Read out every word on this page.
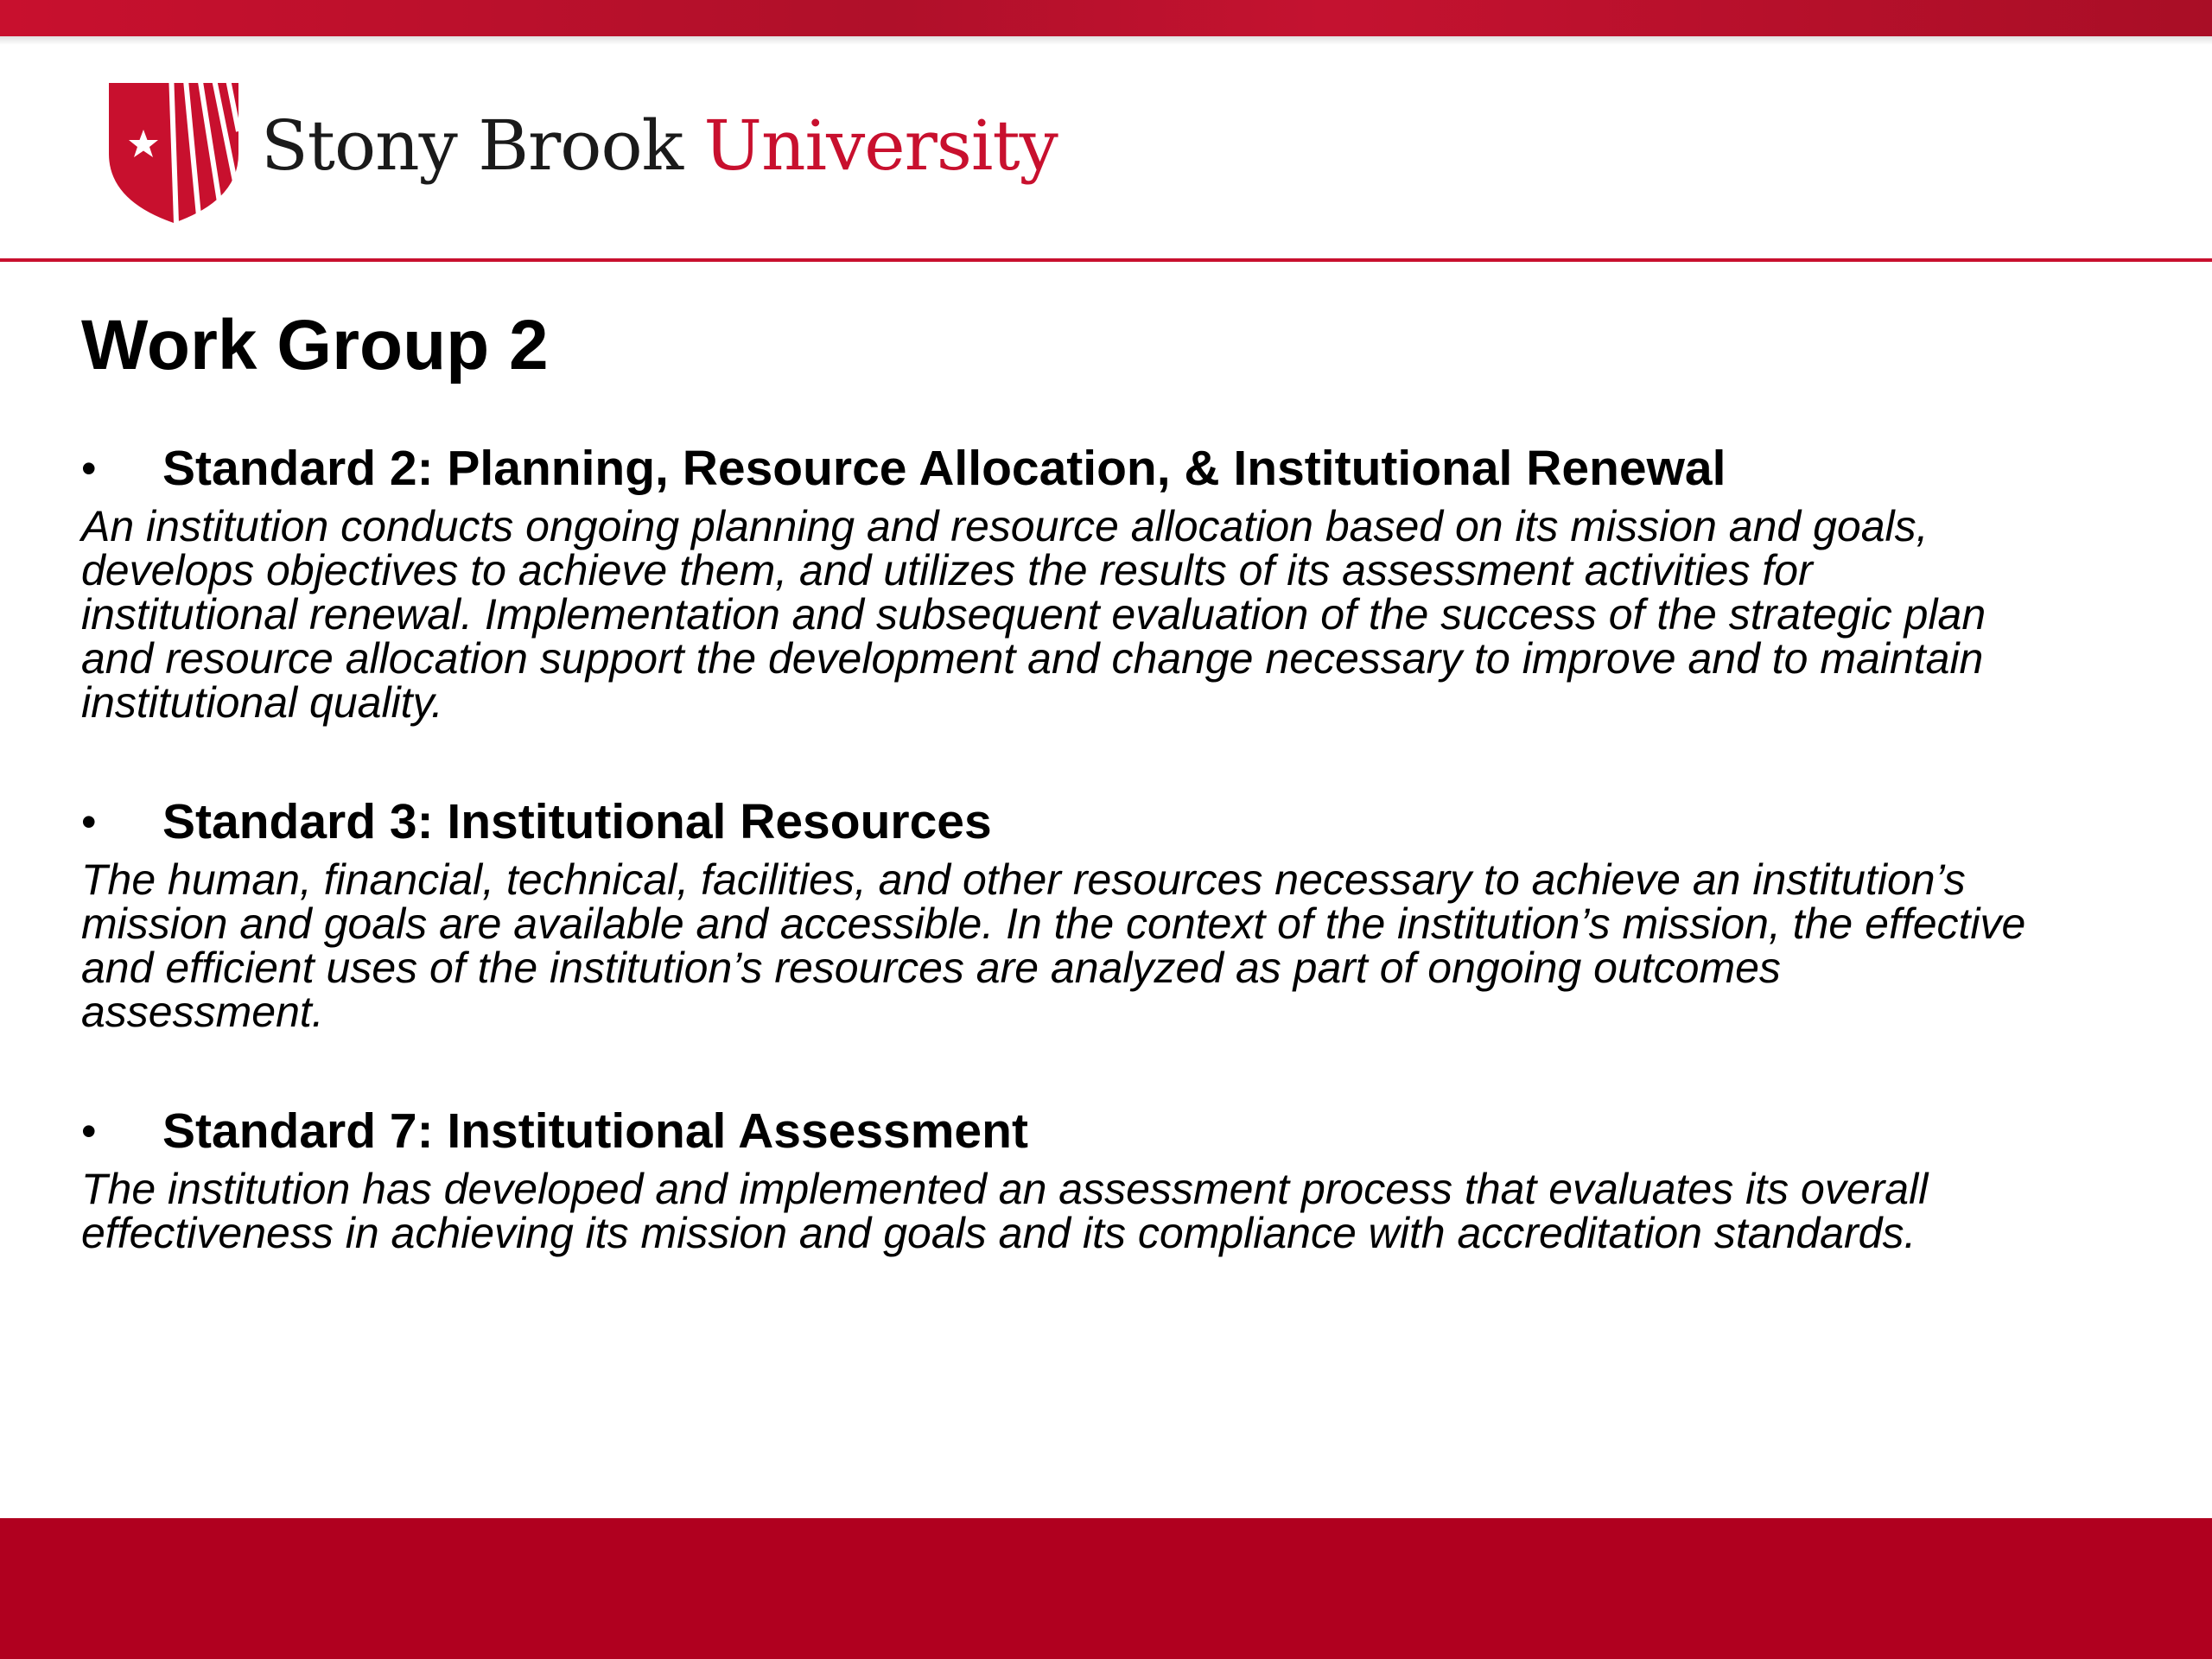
Stony Brook University
Work Group 2
• Standard 2: Planning, Resource Allocation, & Institutional Renewal

An institution conducts ongoing planning and resource allocation based on its mission and goals,
develops objectives to achieve them, and utilizes the results of its assessment activities for
institutional renewal. Implementation and subsequent evaluation of the success of the strategic plan
and resource allocation support the development and change necessary to improve and to maintain
institutional quality.

• Standard 3: Institutional Resources

The human, financial, technical, facilities, and other resources necessary to achieve an institution’s
mission and goals are available and accessible. In the context of the institution’s mission, the effective
and efficient uses of the institution’s resources are analyzed as part of ongoing outcomes
assessment.

• Standard 7: Institutional Assessment

The institution has developed and implemented an assessment process that evaluates its overall
effectiveness in achieving its mission and goals and its compliance with accreditation standards.
